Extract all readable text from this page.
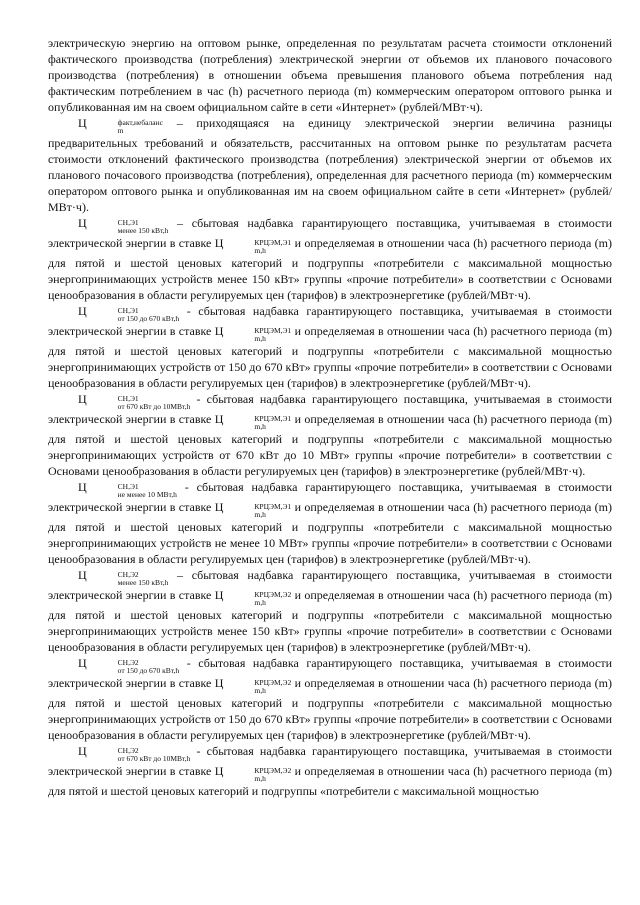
электрическую энергию на оптовом рынке, определенная по результатам расчета стоимости отклонений фактического производства (потребления) электрической энергии от объемов их планового почасового производства (потребления) в отношении объема превышения планового объема потребления над фактическим потреблением в час (h) расчетного периода (m) коммерческим оператором оптового рынка и опубликованная им на своем официальном сайте в сети «Интернет» (рублей/МВт·ч).

Ц	факт,небаланс
m
– приходящаяся на единицу электрической энергии величина разницы предварительных требований и обязательств, рассчитанных на оптовом рынке по результатам расчета стоимости отклонений фактического производства (потребления) электрической энергии от объемов их планового почасового производства (потребления), определенная для расчетного периода (m) коммерческим оператором оптового рынка и опубликованная им на своем официальном сайте в сети «Интернет» (рублей/МВт·ч).

Ц	СН,Э1
менее 150 кВт,h
– сбытовая надбавка гарантирующего поставщика, учитываемая в стоимости электрической энергии в ставке Ц	КРЦЭМ,Э1
m,h
и определяемая в отношении часа (h) расчетного периода (m) для пятой и шестой ценовых категорий и подгруппы «потребители с максимальной мощностью энергопринимающих устройств менее 150 кВт» группы «прочие потребители» в соответствии с Основами ценообразования в области регулируемых цен (тарифов) в электроэнергетике (рублей/МВт·ч).

Ц	СН,Э1
от 150 до 670 кВт,h
- сбытовая надбавка гарантирующего поставщика, учитываемая в стоимости электрической энергии в ставке Ц	КРЦЭМ,Э1
m,h
и определяемая в отношении часа (h) расчетного периода (m) для пятой и шестой ценовых категорий и подгруппы «потребители с максимальной мощностью энергопринимающих устройств от 150 до 670 кВт» группы «прочие потребители» в соответствии с Основами ценообразования в области регулируемых цен (тарифов) в электроэнергетике (рублей/МВт·ч).

Ц	СН,Э1
от 670 кВт до 10МВт,h
- сбытовая надбавка гарантирующего поставщика, учитываемая в стоимости электрической энергии в ставке Ц	КРЦЭМ,Э1
m,h
и определяемая в отношении часа (h) расчетного периода (m) для пятой и шестой ценовых категорий и подгруппы «потребители с максимальной мощностью энергопринимающих устройств от 670 кВт до 10 МВт» группы «прочие потребители» в соответствии с Основами ценообразования в области регулируемых цен (тарифов) в электроэнергетике (рублей/МВт·ч).

Ц	СН,Э1
не менее 10 МВт,h
- сбытовая надбавка гарантирующего поставщика, учитываемая в стоимости электрической энергии в ставке Ц	КРЦЭМ,Э1
m,h
и определяемая в отношении часа (h) расчетного периода (m) для пятой и шестой ценовых категорий и подгруппы «потребители с максимальной мощностью энергопринимающих устройств не менее 10 МВт» группы «прочие потребители» в соответствии с Основами ценообразования в области регулируемых цен (тарифов) в электроэнергетике (рублей/МВт·ч).

Ц	СН,Э2
менее 150 кВт,h
– сбытовая надбавка гарантирующего поставщика, учитываемая в стоимости электрической энергии в ставке Ц	КРЦЭМ,Э2
m,h
и определяемая в отношении часа (h) расчетного периода (m) для пятой и шестой ценовых категорий и подгруппы «потребители с максимальной мощностью энергопринимающих устройств менее 150 кВт» группы «прочие потребители» в соответствии с Основами ценообразования в области регулируемых цен (тарифов) в электроэнергетике (рублей/МВт·ч).

Ц	СН,Э2
от 150 до 670 кВт,h
- сбытовая надбавка гарантирующего поставщика, учитываемая в стоимости электрической энергии в ставке Ц	КРЦЭМ,Э2
m,h
и определяемая в отношении часа (h) расчетного периода (m) для пятой и шестой ценовых категорий и подгруппы «потребители с максимальной мощностью энергопринимающих устройств от 150 до 670 кВт» группы «прочие потребители» в соответствии с Основами ценообразования в области регулируемых цен (тарифов) в электроэнергетике (рублей/МВт·ч).

Ц	СН,Э2
от 670 кВт до 10МВт,h
- сбытовая надбавка гарантирующего поставщика, учитываемая в стоимости электрической энергии в ставке Ц	КРЦЭМ,Э2
m,h
и определяемая в отношении часа (h) расчетного периода (m) для пятой и шестой ценовых категорий и подгруппы «потребители с максимальной мощностью
